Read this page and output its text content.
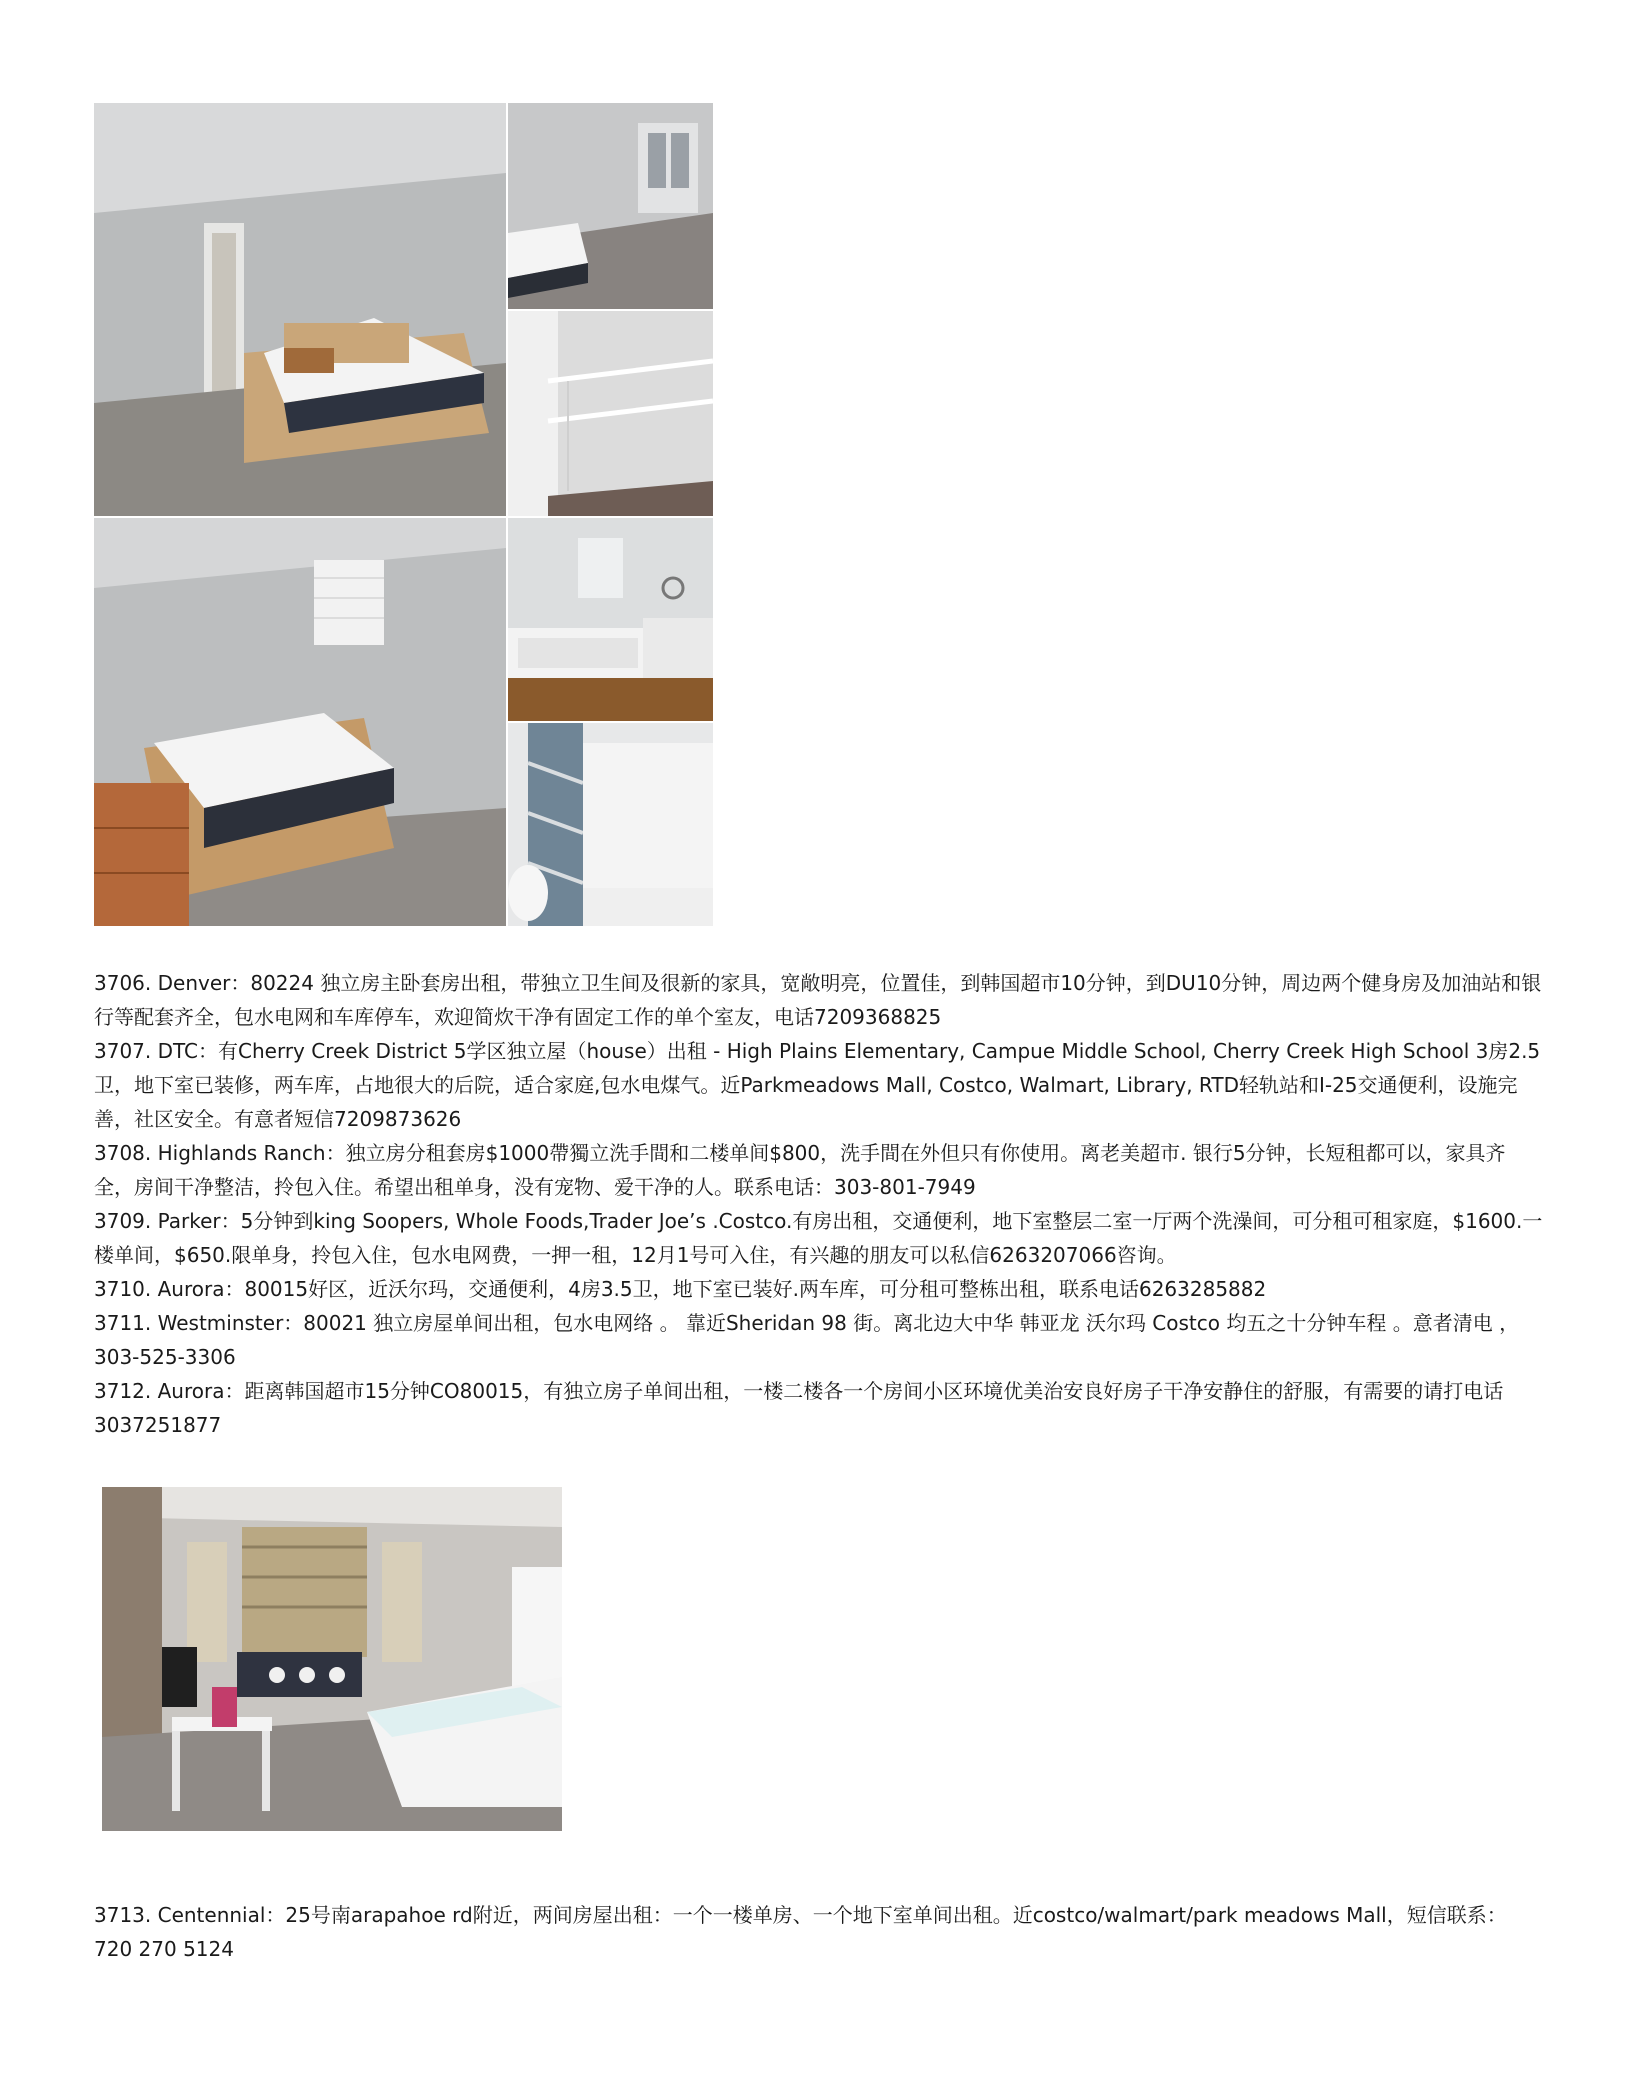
3706. Denver：80224 独立房主卧套房出租，带独立卫生间及很新的家具，宽敞明亮，位置佳，到韩国超市10分钟，到DU10分钟，周边两个健身房及加油站和银行等配套齐全，包水电网和车库停车，欢迎简炊干净有固定工作的单个室友，电话7209368825

3707. DTC：有Cherry Creek District 5学区独立屋（house）出租 - High Plains Elementary, Campue Middle School, Cherry Creek High School 3房2.5卫，地下室已装修，两车库，占地很大的后院，适合家庭,包水电煤气。近Parkmeadows Mall, Costco, Walmart, Library, RTD轻轨站和I-25交通便利，设施完善，社区安全。有意者短信7209873626

3708. Highlands Ranch：独立房分租套房$1000帶獨立洗手間和二楼单间$800，洗手間在外但只有你使用。离老美超市. 银行5分钟，长短租都可以，家具齐全，房间干净整洁，拎包入住。希望出租单身，没有宠物、爱干净的人。联系电话：303-801-7949

3709. Parker：5分钟到king Soopers, Whole Foods,Trader Joe’s .Costco.有房出租，交通便利，地下室整层二室一厅两个洗澡间，可分租可租家庭，$1600.一楼单间，$650.限单身，拎包入住，包水电网费，一押一租，12月1号可入住，有兴趣的朋友可以私信6263207066咨询。

3710. Aurora：80015好区，近沃尔玛，交通便利，4房3.5卫，地下室已装好.两车库，可分租可整栋出租，联系电话6263285882

3711. Westminster：80021 独立房屋单间出租，包水电网络 。 靠近Sheridan 98 街。离北边大中华 韩亚龙 沃尔玛 Costco 均五之十分钟车程 。意者清电 ，303-525-3306

3712. Aurora：距离韩国超市15分钟CO80015，有独立房子单间出租，一楼二楼各一个房间小区环境优美治安良好房子干净安静住的舒服，有需要的请打电话3037251877

3713. Centennial：25号南arapahoe rd附近，两间房屋出租：一个一楼单房、一个地下室单间出租。近costco/walmart/park meadows Mall，短信联系：720 270 5124
